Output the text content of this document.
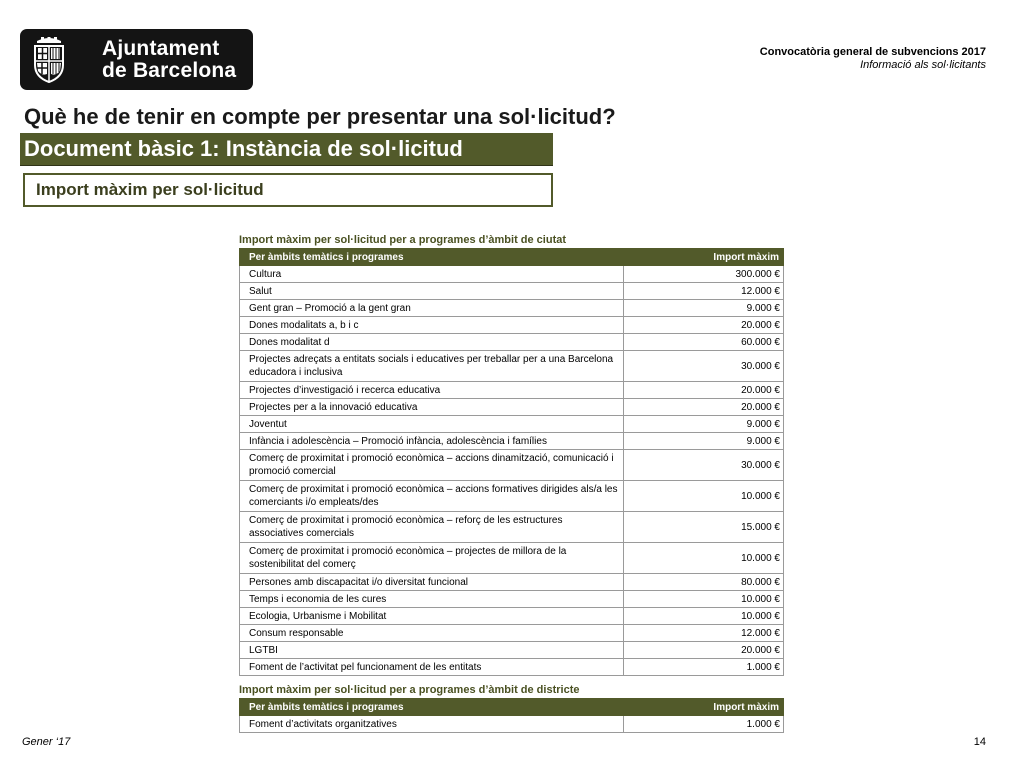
Ajuntament
de Barcelona
Convocatòria general de subvencions 2017
Informació als sol·licitants
Què he de tenir en compte per presentar una sol·licitud?
Document bàsic 1: Instància de sol·licitud
Import màxim per sol·licitud
Import màxim per sol·licitud per a programes d’àmbit de ciutat
Per àmbits temàtics i programes	Import màxim
Cultura	300.000 €
Salut	12.000 €
Gent gran – Promoció a la gent gran	9.000 €
Dones modalitats a, b i c	20.000 €
Dones modalitat d	60.000 €
Projectes adreçats a entitats socials i educatives per treballar per a una Barcelona educadora i inclusiva	30.000 €
Projectes d’investigació i recerca educativa	20.000 €
Projectes per a la innovació educativa	20.000 €
Joventut	9.000 €
Infància i adolescència – Promoció infància, adolescència i famílies	9.000 €
Comerç de proximitat i promoció econòmica – accions dinamització, comunicació i promoció comercial	30.000 €
Comerç de proximitat i promoció econòmica – accions formatives dirigides als/a les comerciants i/o empleats/des	10.000 €
Comerç de proximitat i promoció econòmica – reforç de les estructures associatives comercials	15.000 €
Comerç de proximitat i promoció econòmica – projectes de millora de la sostenibilitat del comerç	10.000 €
Persones amb discapacitat i/o diversitat funcional	80.000 €
Temps i economia de les cures	10.000 €
Ecologia, Urbanisme i Mobilitat	10.000 €
Consum responsable	12.000 €
LGTBI	20.000 €
Foment de l’activitat pel funcionament de les entitats	1.000 €
Import màxim per sol·licitud per a programes d’àmbit de districte
Per àmbits temàtics i programes	Import màxim
Foment d’activitats organitzatives	1.000 €
Gener ‘17	14
